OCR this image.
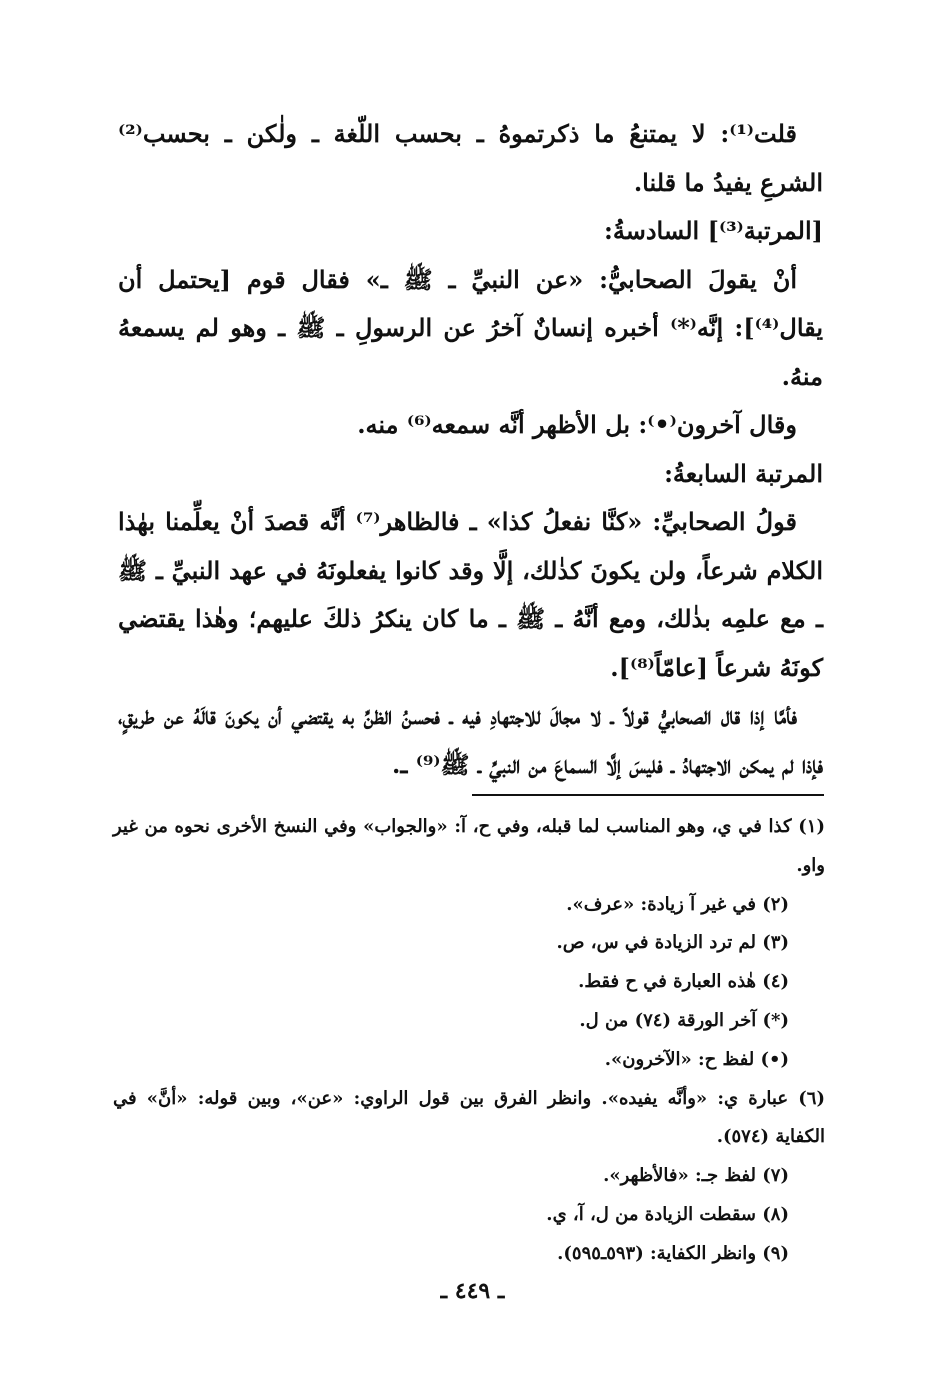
قلت⁽¹⁾: لا يمتنعُ ما ذكرتموهُ ـ بحسب اللّغة ـ ولٰكن ـ بحسب⁽²⁾ الشرعِ يفيدُ ما قلنا.

[المرتبة⁽³⁾] السادسةُ:

أنْ يقولَ الصحابيُّ: «عن النبيِّ ـ ﷺ ـ» فقال قوم [يحتمل أن يقال⁽⁴⁾]: إنَّه⁽*⁾ أخبره إنسانٌ آخرُ عن الرسولِ ـ ﷺ ـ وهو لم يسمعهُ منهُ.

وقال آخرون⁽•⁾: بل الأظهر أنَّه سمعه⁽⁶⁾ منه.

المرتبة السابعةُ:

قولُ الصحابيِّ: «كنَّا نفعلُ كذا» ـ فالظاهر⁽⁷⁾ أنَّه قصدَ أنْ يعلِّمنا بهٰذا الكلام شرعاً، ولن يكونَ كذٰلك، إلَّا وقد كانوا يفعلونَهُ في عهد النبيِّ ـ ﷺ ـ مع علمِه بذٰلك، ومع أنَّهُ ـ ﷺ ـ ما كان ينكرُ ذلكَ عليهم؛ وهٰذا يقتضي كونَهُ شرعاً [عامّاً⁽⁸⁾].

فأمَّا إذا قال الصحابيُّ قولاً ـ لا مجالَ للاجتهادِ فيه ـ فحسنُ الظنِّ به يقتضي أن يكونَ قالَهُ عن طريقٍ، فإذا لم يمكن الاجتهادُ ـ فليسَ إلَّا السماعَ من النبيِّ ـ ﷺ⁽⁹⁾ ـ.

(١) كذا في ي، وهو المناسب لما قبله، وفي ح، آ: «والجواب» وفي النسخ الأخرى نحوه من غير واو.

(٢) في غير آ زيادة: «عرف».

(٣) لم ترد الزيادة في س، ص.

(٤) هٰذه العبارة في ح فقط.

(*) آخر الورقة (٧٤) من ل.

(•) لفظ ح: «الآخرون».

(٦) عبارة ي: «وأنَّه يفيده». وانظر الفرق بين قول الراوي: «عن»، وبين قوله: «أنَّ» في الكفاية (٥٧٤).

(٧) لفظ جـ: «فالأظهر».

(٨) سقطت الزيادة من ل، آ، ي.

(٩) وانظر الكفاية: (٥٩٣ـ٥٩٥).

ـ ٤٤٩ ـ
